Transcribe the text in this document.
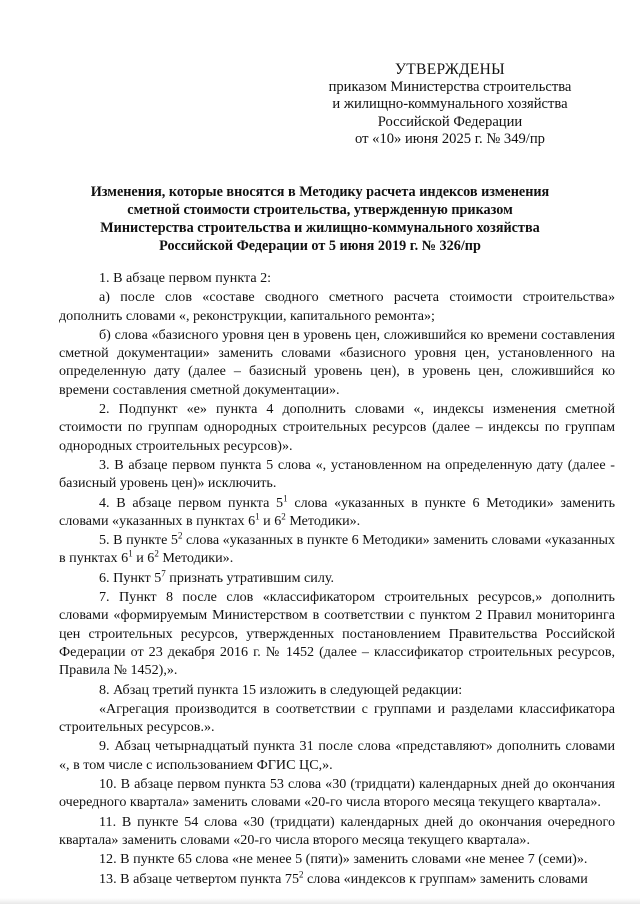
УТВЕРЖДЕНЫ
приказом Министерства строительства
и жилищно-коммунального хозяйства
Российской Федерации
от «10» июня 2025 г. № 349/пр
Изменения, которые вносятся в Методику расчета индексов изменения
сметной стоимости строительства, утвержденную приказом
Министерства строительства и жилищно-коммунального хозяйства
Российской Федерации от 5 июня 2019 г. № 326/пр

1. В абзаце первом пункта 2:

а) после слов «составе сводного сметного расчета стоимости строительства» дополнить словами «, реконструкции, капитального ремонта»;

б) слова «базисного уровня цен в уровень цен, сложившийся ко времени составления сметной документации» заменить словами «базисного уровня цен, установленного на определенную дату (далее – базисный уровень цен), в уровень цен, сложившийся ко времени составления сметной документации».

2. Подпункт «е» пункта 4 дополнить словами «, индексы изменения сметной стоимости по группам однородных строительных ресурсов (далее – индексы по группам однородных строительных ресурсов)».

3. В абзаце первом пункта 5 слова «, установленном на определенную дату (далее - базисный уровень цен)» исключить.

4. В абзаце первом пункта $5^1$ слова «указанных в пункте 6 Методики» заменить словами «указанных в пунктах $6^1$ и $6^2$ Методики».

5. В пункте $5^2$ слова «указанных в пункте 6 Методики» заменить словами «указанных в пунктах $6^1$ и $6^2$ Методики».

6. Пункт $5^7$ признать утратившим силу.

7. Пункт 8 после слов «классификатором строительных ресурсов,» дополнить словами «формируемым Министерством в соответствии с пунктом 2 Правил мониторинга цен строительных ресурсов, утвержденных постановлением Правительства Российской Федерации от 23 декабря 2016 г. № 1452 (далее – классификатор строительных ресурсов, Правила № 1452),».

8. Абзац третий пункта 15 изложить в следующей редакции:

«Агрегация производится в соответствии с группами и разделами классификатора строительных ресурсов.».

9. Абзац четырнадцатый пункта 31 после слова «представляют» дополнить словами «, в том числе с использованием ФГИС ЦС,».

10. В абзаце первом пункта 53 слова «30 (тридцати) календарных дней до окончания очередного квартала» заменить словами «20-го числа второго месяца текущего квартала».

11. В пункте 54 слова «30 (тридцати) календарных дней до окончания очередного квартала» заменить словами «20-го числа второго месяца текущего квартала».

12. В пункте 65 слова «не менее 5 (пяти)» заменить словами «не менее 7 (семи)».

13. В абзаце четвертом пункта $75^2$ слова «индексов к группам» заменить словами
